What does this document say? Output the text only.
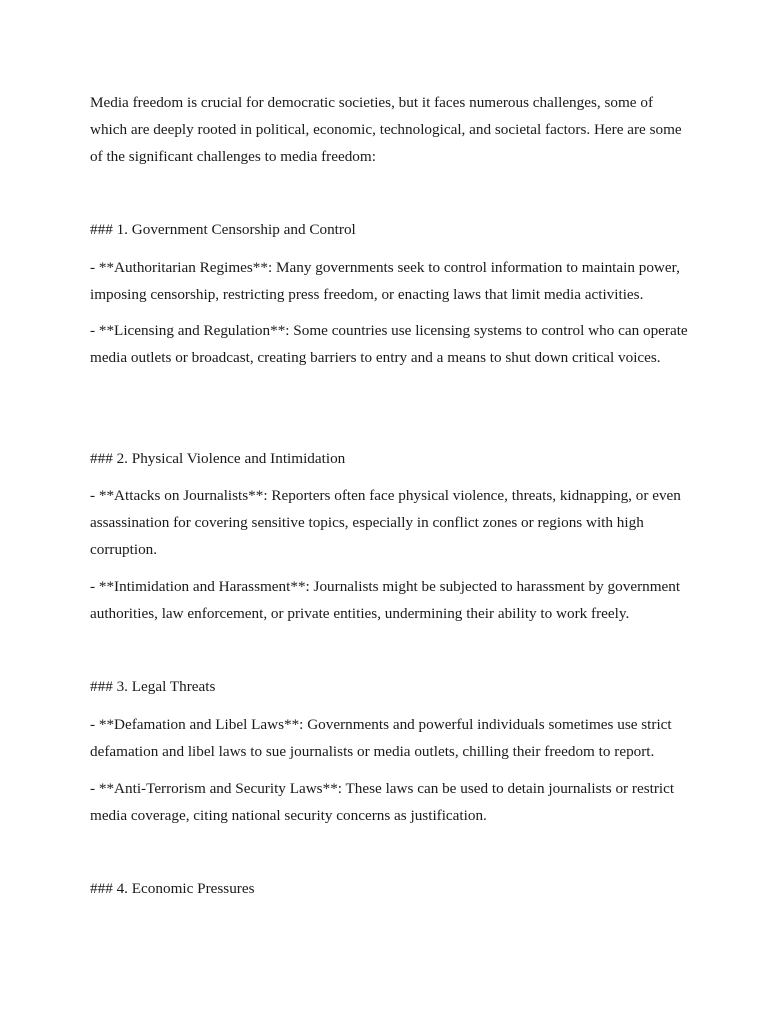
Media freedom is crucial for democratic societies, but it faces numerous challenges, some of which are deeply rooted in political, economic, technological, and societal factors. Here are some of the significant challenges to media freedom:

### 1. Government Censorship and Control

- **Authoritarian Regimes**: Many governments seek to control information to maintain power, imposing censorship, restricting press freedom, or enacting laws that limit media activities.

- **Licensing and Regulation**: Some countries use licensing systems to control who can operate media outlets or broadcast, creating barriers to entry and a means to shut down critical voices.

### 2. Physical Violence and Intimidation

- **Attacks on Journalists**: Reporters often face physical violence, threats, kidnapping, or even assassination for covering sensitive topics, especially in conflict zones or regions with high corruption.

- **Intimidation and Harassment**: Journalists might be subjected to harassment by government authorities, law enforcement, or private entities, undermining their ability to work freely.

### 3. Legal Threats

- **Defamation and Libel Laws**: Governments and powerful individuals sometimes use strict defamation and libel laws to sue journalists or media outlets, chilling their freedom to report.

- **Anti-Terrorism and Security Laws**: These laws can be used to detain journalists or restrict media coverage, citing national security concerns as justification.

### 4. Economic Pressures
